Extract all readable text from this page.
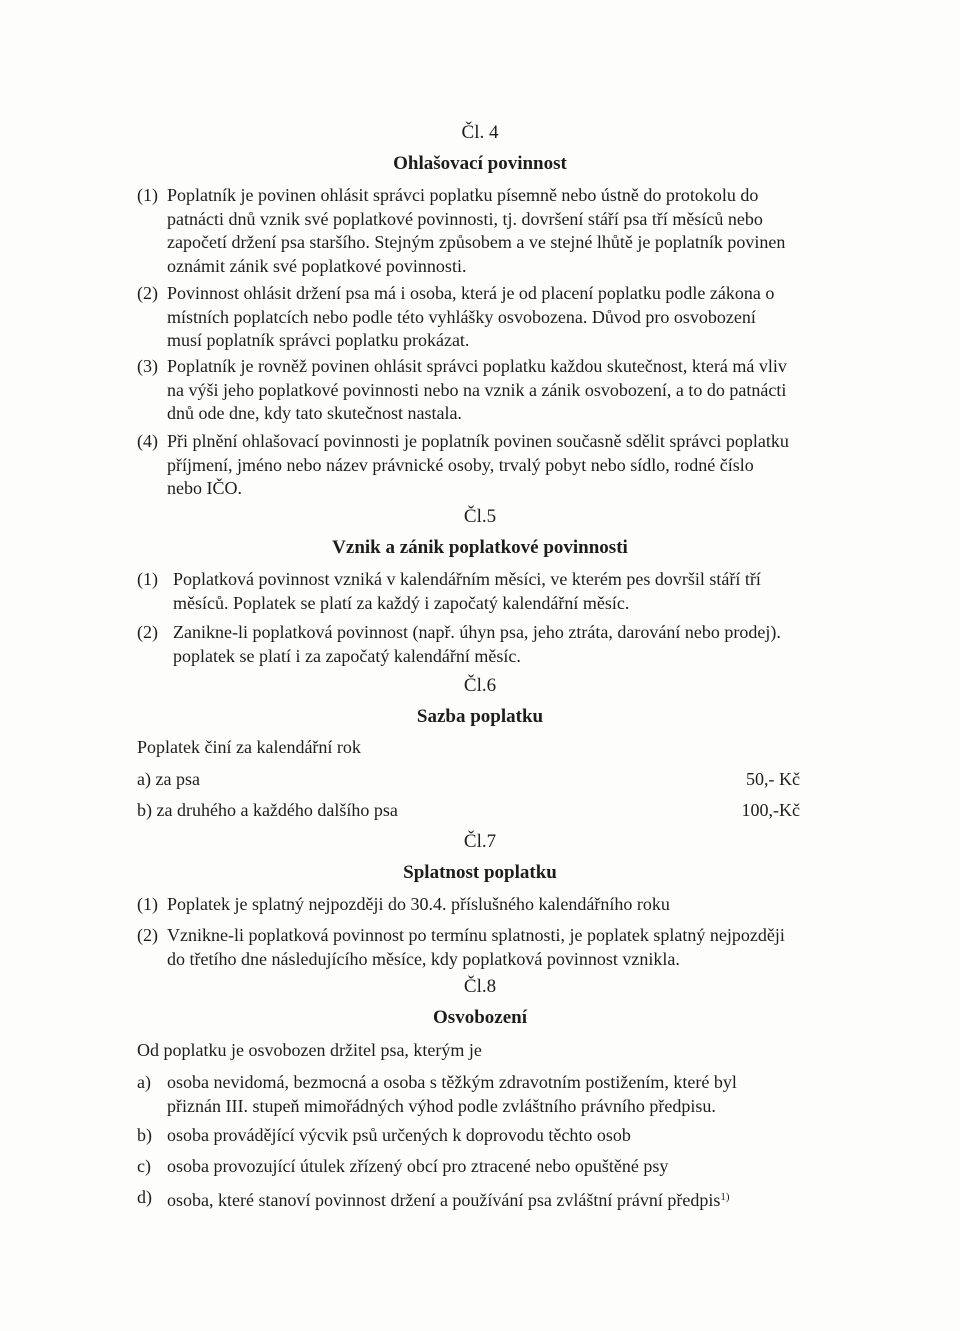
Čl. 4
Ohlašovací povinnost
(1) Poplatník je povinen ohlásit správci poplatku písemně nebo ústně do protokolu do
patnácti dnů vznik své poplatkové povinnosti, tj. dovršení stáří psa tří měsíců nebo
započetí držení psa staršího. Stejným způsobem a ve stejné lhůtě je poplatník povinen
oznámit zánik své poplatkové povinnosti.
(2) Povinnost ohlásit držení psa má i osoba, která je od placení poplatku podle zákona o
místních poplatcích nebo podle této vyhlášky osvobozena. Důvod pro osvobození
musí poplatník správci poplatku prokázat.
(3) Poplatník je rovněž povinen ohlásit správci poplatku každou skutečnost, která má vliv
na výši jeho poplatkové povinnosti nebo na vznik a zánik osvobození, a to do patnácti
dnů ode dne, kdy tato skutečnost nastala.
(4) Při plnění ohlašovací povinnosti je poplatník povinen současně sdělit správci poplatku
příjmení, jméno nebo název právnické osoby, trvalý pobyt nebo sídlo, rodné číslo
nebo IČO.
Čl.5
Vznik a zánik poplatkové povinnosti
(1) Poplatková povinnost vzniká v kalendářním měsíci, ve kterém pes dovršil stáří tří
měsíců. Poplatek se platí za každý i započatý kalendářní měsíc.
(2) Zanikne-li poplatková povinnost (např. úhyn psa, jeho ztráta, darování nebo prodej).
poplatek se platí i za započatý kalendářní měsíc.
Čl.6
Sazba poplatku
Poplatek činí za kalendářní rok
a) za psa	50,- Kč
b) za druhého a každého dalšího psa	100,-Kč
Čl.7
Splatnost poplatku
(1) Poplatek je splatný nejpozději do 30.4. příslušného kalendářního roku
(2) Vznikne-li poplatková povinnost po termínu splatnosti, je poplatek splatný nejpozději
do třetího dne následujícího měsíce, kdy poplatková povinnost vznikla.
Čl.8
Osvobození
Od poplatku je osvobozen držitel psa, kterým je
a) osoba nevidomá, bezmocná a osoba s těžkým zdravotním postižením, které byl
přiznán III. stupeň mimořádných výhod podle zvláštního právního předpisu.
b) osoba provádějící výcvik psů určených k doprovodu těchto osob
c) osoba provozující útulek zřízený obcí pro ztracené nebo opuštěné psy
d) osoba, které stanoví povinnost držení a používání psa zvláštní právní předpis$^{1)}$
